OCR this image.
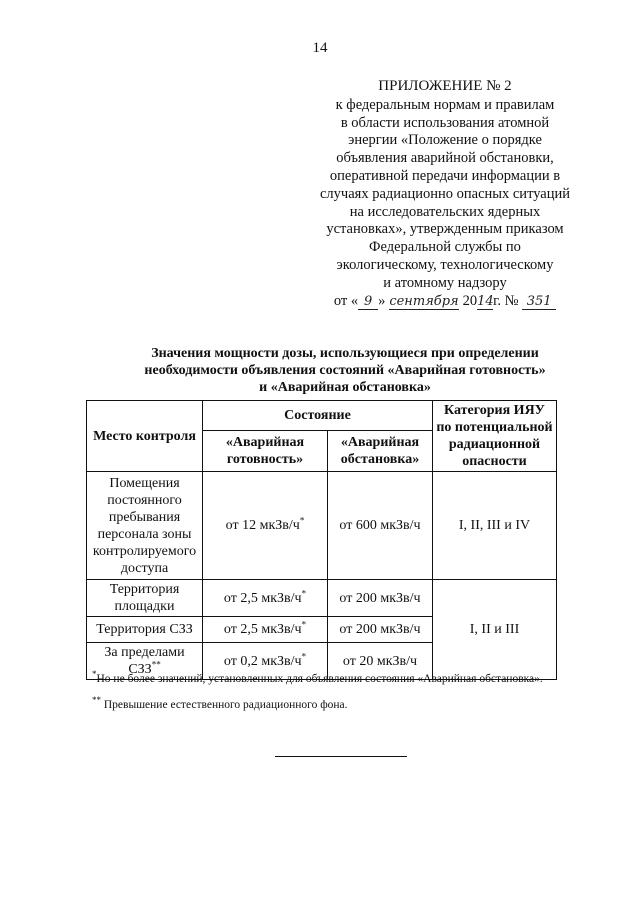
14
ПРИЛОЖЕНИЕ № 2
к федеральным нормам и правилам
в области использования атомной
энергии «Положение о порядке
объявления аварийной обстановки,
оперативной передачи информации в
случаях радиационно опасных ситуаций
на исследовательских ядерных
установках», утвержденным приказом
Федеральной службы по
экологическому, технологическому
и атомному надзору
от « 9 » сентября 2014г. № 351
Значения мощности дозы, использующиеся при определении
необходимости объявления состояний «Аварийная готовность»
и «Аварийная обстановка»
Место контроля	Состояние		Категория ИЯУ по потенциальной радиационной опасности
	«Аварийная готовность»	«Аварийная обстановка»	
Помещения постоянного пребывания персонала зоны контролируемого доступа	от 12 мкЗв/ч*	от 600 мкЗв/ч	I, II, III и IV
Территория площадки	от 2,5 мкЗв/ч*	от 200 мкЗв/ч	I, II и III
Территория СЗЗ	от 2,5 мкЗв/ч*	от 200 мкЗв/ч	
За пределами СЗЗ**	от 0,2 мкЗв/ч*	от 20 мкЗв/ч	

*Но не более значений, установленных для объявления состояния «Аварийная обстановка».

** Превышение естественного радиационного фона.
